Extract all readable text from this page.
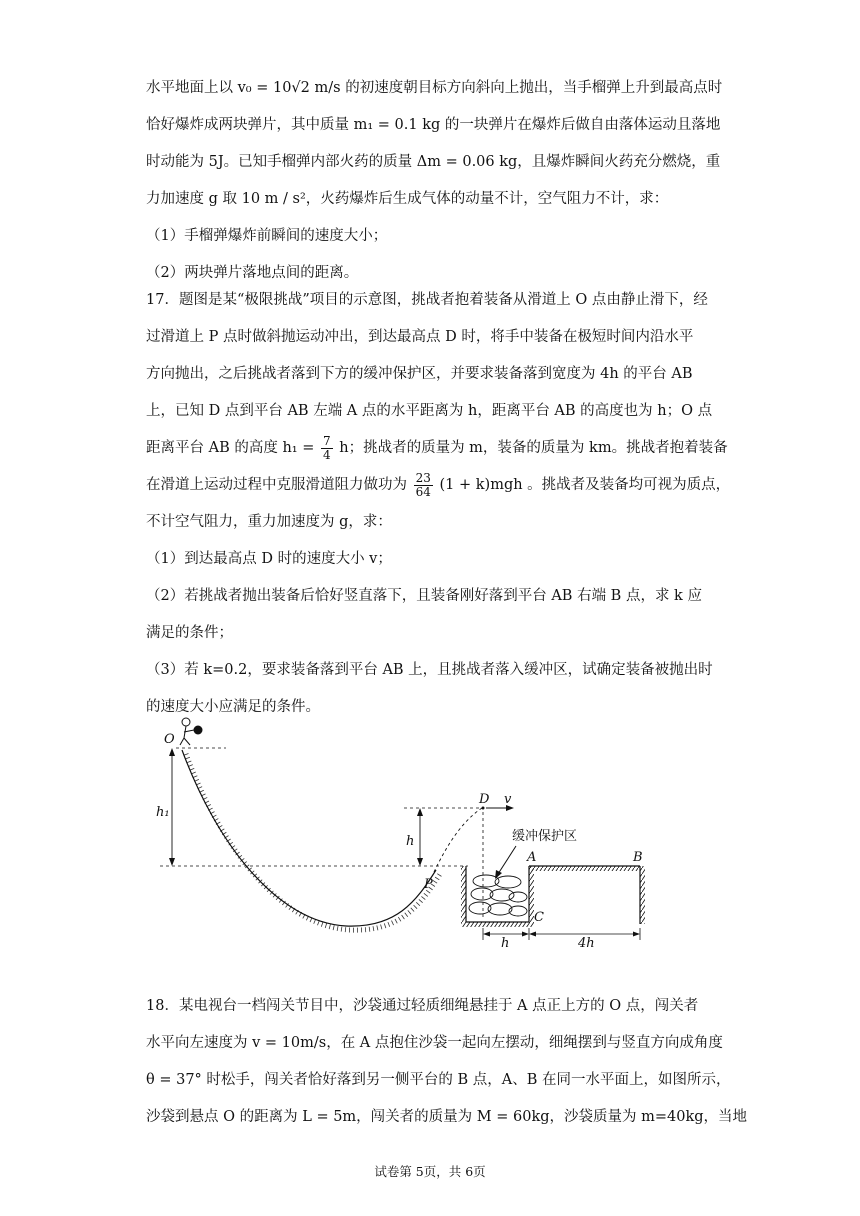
水平地面上以 v₀ = 10√2 m/s 的初速度朝目标方向斜向上抛出，当手榴弹上升到最高点时
恰好爆炸成两块弹片，其中质量 m₁ = 0.1 kg 的一块弹片在爆炸后做自由落体运动且落地
时动能为 5J。已知手榴弹内部火药的质量 Δm = 0.06 kg，且爆炸瞬间火药充分燃烧，重
力加速度 g 取 10 m / s²，火药爆炸后生成气体的动量不计，空气阻力不计，求：
（1）手榴弹爆炸前瞬间的速度大小；
（2）两块弹片落地点间的距离。
17．题图是某“极限挑战”项目的示意图，挑战者抱着装备从滑道上 O 点由静止滑下，经
过滑道上 P 点时做斜抛运动冲出，到达最高点 D 时，将手中装备在极短时间内沿水平
方向抛出，之后挑战者落到下方的缓冲保护区，并要求装备落到宽度为 4h 的平台 AB
上，已知 D 点到平台 AB 左端 A 点的水平距离为 h，距离平台 AB 的高度也为 h；O 点
距离平台 AB 的高度 $h_1 = \frac{7}{4}$ h；挑战者的质量为 m，装备的质量为 km。挑战者抱着装备
在滑道上运动过程中克服滑道阻力做功为 $\frac{23}{64} (1 + k)mgh$ 。挑战者及装备均可视为质点，
不计空气阻力，重力加速度为 g，求：
（1）到达最高点 D 时的速度大小 v；
（2）若挑战者抛出装备后恰好竖直落下，且装备刚好落到平台 AB 右端 B 点，求 k 应
满足的条件；
（3）若 k=0.2，要求装备落到平台 AB 上，且挑战者落入缓冲区，试确定装备被抛出时
的速度大小应满足的条件。
O
h₁
P
h
D v
缓冲保护区
C
A	B
h	4h
18．某电视台一档闯关节目中，沙袋通过轻质细绳悬挂于 A 点正上方的 O 点，闯关者
水平向左速度为 v = 10m/s，在 A 点抱住沙袋一起向左摆动，细绳摆到与竖直方向成角度
θ = 37° 时松手，闯关者恰好落到另一侧平台的 B 点，A、B 在同一水平面上，如图所示，
沙袋到悬点 O 的距离为 L = 5m，闯关者的质量为 M = 60kg，沙袋质量为 m=40kg，当地
试卷第 5页，共 6页
